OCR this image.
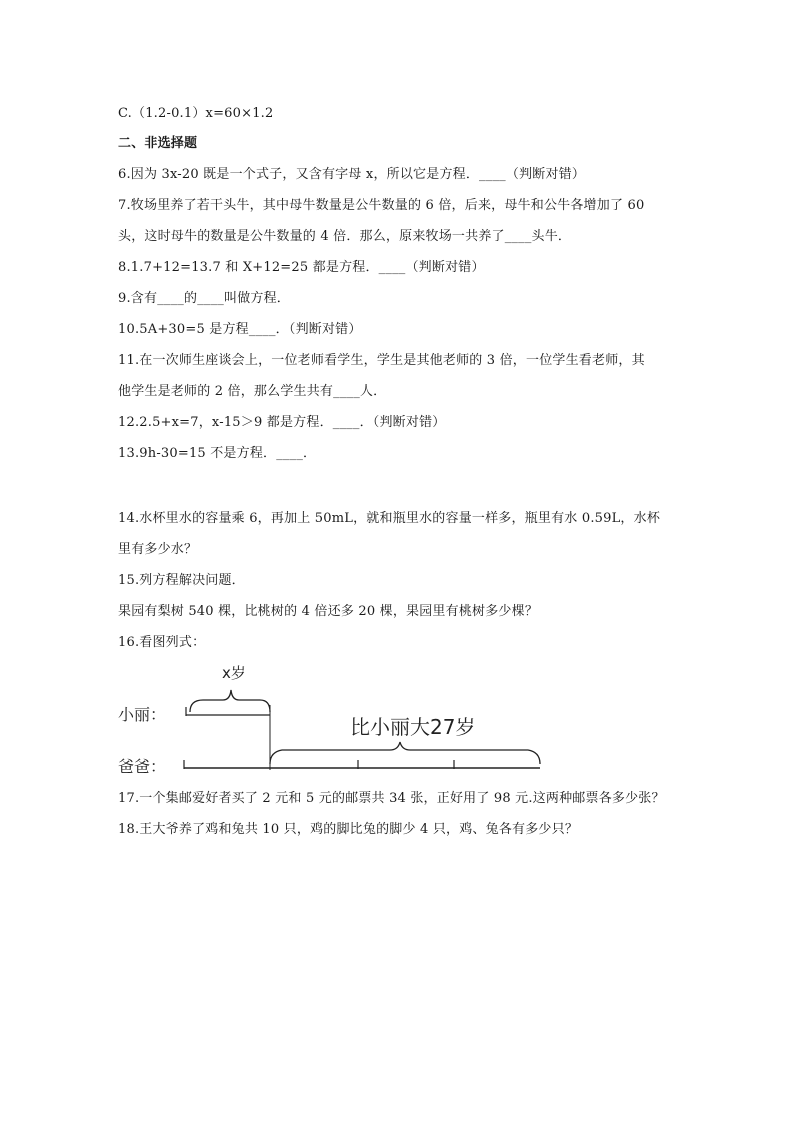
C.（1.2-0.1）x=60×1.2
二、非选择题
6.因为 3x-20 既是一个式子，又含有字母 x，所以它是方程．____（判断对错）
7.牧场里养了若干头牛，其中母牛数量是公牛数量的 6 倍，后来，母牛和公牛各增加了 60
头，这时母牛的数量是公牛数量的 4 倍．那么，原来牧场一共养了____头牛．
8.1.7+12=13.7 和 X+12=25 都是方程．____（判断对错）
9.含有____的____叫做方程．
10.5A+30=5 是方程____．（判断对错）
11.在一次师生座谈会上，一位老师看学生，学生是其他老师的 3 倍，一位学生看老师，其
他学生是老师的 2 倍，那么学生共有____人．
12.2.5+x=7，x-15＞9 都是方程．____．（判断对错）
13.9h-30=15 不是方程．____．
14.水杯里水的容量乘 6，再加上 50mL，就和瓶里水的容量一样多，瓶里有水 0.59L，水杯
里有多少水？
15.列方程解决问题．
果园有梨树 540 棵，比桃树的 4 倍还多 20 棵，果园里有桃树多少棵？
16.看图列式：
x岁
小丽：
比小丽大27岁
爸爸：
17.一个集邮爱好者买了 2 元和 5 元的邮票共 34 张，正好用了 98 元.这两种邮票各多少张？
18.王大爷养了鸡和兔共 10 只，鸡的脚比兔的脚少 4 只，鸡、兔各有多少只？
